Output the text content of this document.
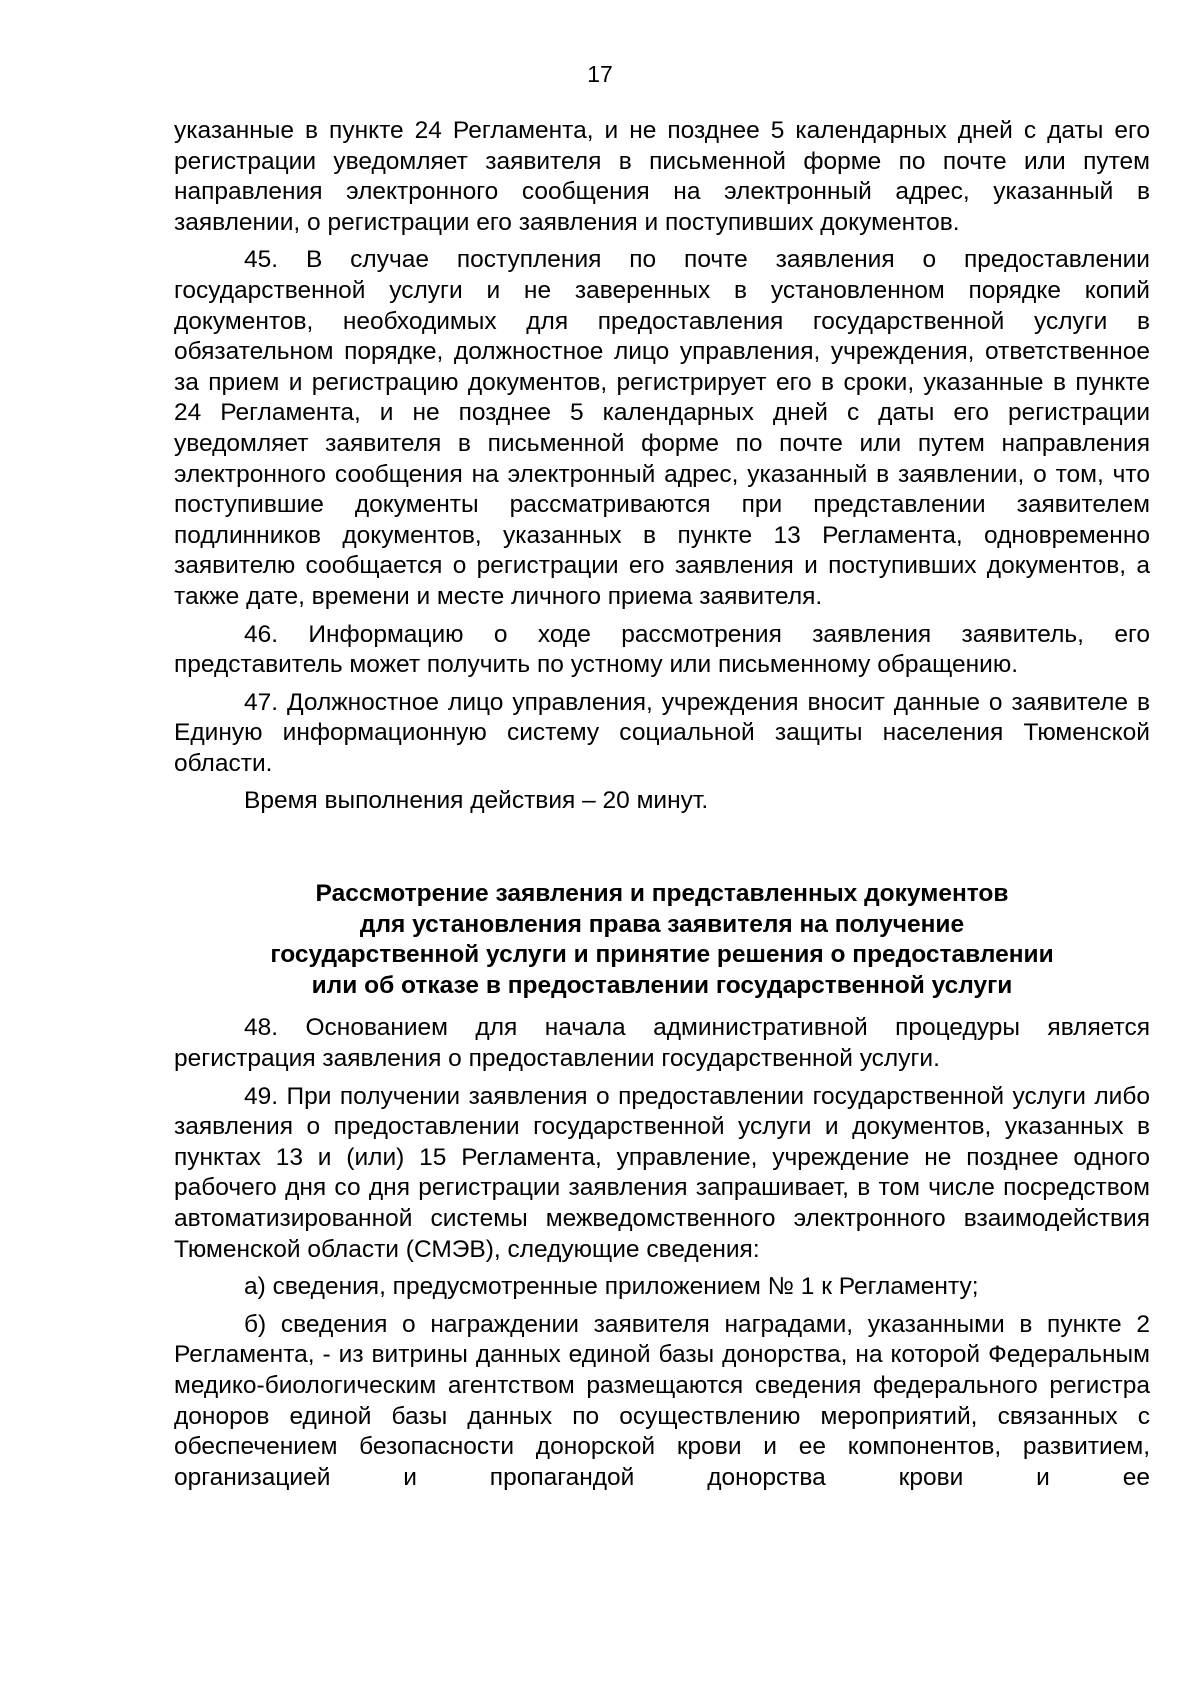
17

указанные в пункте 24 Регламента, и не позднее 5 календарных дней с даты его регистрации уведомляет заявителя в письменной форме по почте или путем направления электронного сообщения на электронный адрес, указанный в заявлении, о регистрации его заявления и поступивших документов.

45. В случае поступления по почте заявления о предоставлении государственной услуги и не заверенных в установленном порядке копий документов, необходимых для предоставления государственной услуги в обязательном порядке, должностное лицо управления, учреждения, ответственное за прием и регистрацию документов, регистрирует его в сроки, указанные в пункте 24 Регламента, и не позднее 5 календарных дней с даты его регистрации уведомляет заявителя в письменной форме по почте или путем направления электронного сообщения на электронный адрес, указанный в заявлении, о том, что поступившие документы рассматриваются при представлении заявителем подлинников документов, указанных в пункте 13 Регламента, одновременно заявителю сообщается о регистрации его заявления и поступивших документов, а также дате, времени и месте личного приема заявителя.

46. Информацию о ходе рассмотрения заявления заявитель, его представитель может получить по устному или письменному обращению.

47. Должностное лицо управления, учреждения вносит данные о заявителе в Единую информационную систему социальной защиты населения Тюменской области.

Время выполнения действия – 20 минут.

Рассмотрение заявления и представленных документов
для установления права заявителя на получение
государственной услуги и принятие решения о предоставлении
или об отказе в предоставлении государственной услуги

48. Основанием для начала административной процедуры является регистрация заявления о предоставлении государственной услуги.

49. При получении заявления о предоставлении государственной услуги либо заявления о предоставлении государственной услуги и документов, указанных в пунктах 13 и (или) 15 Регламента, управление, учреждение не позднее одного рабочего дня со дня регистрации заявления запрашивает, в том числе посредством автоматизированной системы межведомственного электронного взаимодействия Тюменской области (СМЭВ), следующие сведения:

а) сведения, предусмотренные приложением № 1 к Регламенту;

б) сведения о награждении заявителя наградами, указанными в пункте 2 Регламента, - из витрины данных единой базы донорства, на которой Федеральным медико-биологическим агентством размещаются сведения федерального регистра доноров единой базы данных по осуществлению мероприятий, связанных с обеспечением безопасности донорской крови и ее компонентов, развитием, организацией и пропагандой донорства крови и ее
